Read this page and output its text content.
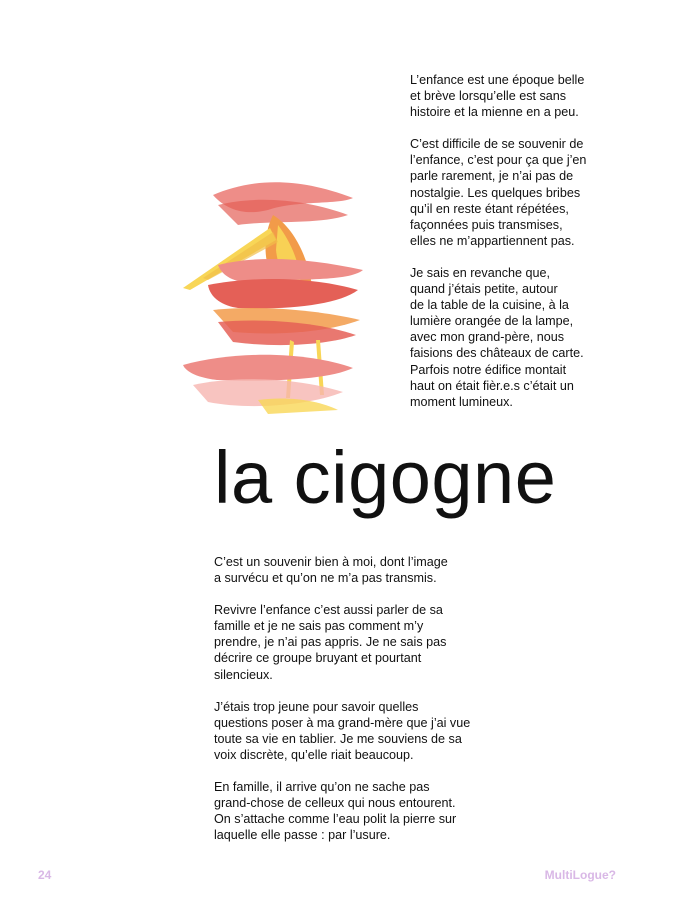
L’enfance est une époque belle
et brève lorsqu’elle est sans
histoire et la mienne en a peu.

C’est difficile de se souvenir de
l’enfance, c’est pour ça que j’en
parle rarement, je n’ai pas de
nostalgie. Les quelques bribes
qu’il en reste étant répétées,
façonnées puis transmises,
elles ne m’appartiennent pas.

Je sais en revanche que,
quand j’étais petite, autour
de la table de la cuisine, à la
lumière orangée de la lampe,
avec mon grand-père, nous
faisions des châteaux de carte.
Parfois notre édifice montait
haut on était fièr.e.s c’était un
moment lumineux.

la cigogne

C’est un souvenir bien à moi, dont l’image
a survécu et qu’on ne m’a pas transmis.

Revivre l’enfance c’est aussi parler de sa
famille et je ne sais pas comment m’y
prendre, je n’ai pas appris. Je ne sais pas
décrire ce groupe bruyant et pourtant
silencieux.

J’étais trop jeune pour savoir quelles
questions poser à ma grand-mère que j’ai vue
toute sa vie en tablier. Je me souviens de sa
voix discrète, qu’elle riait beaucoup.

En famille, il arrive qu’on ne sache pas
grand-chose de celleux qui nous entourent.
On s’attache comme l’eau polit la pierre sur
laquelle elle passe : par l’usure.

24	MultiLogue?
